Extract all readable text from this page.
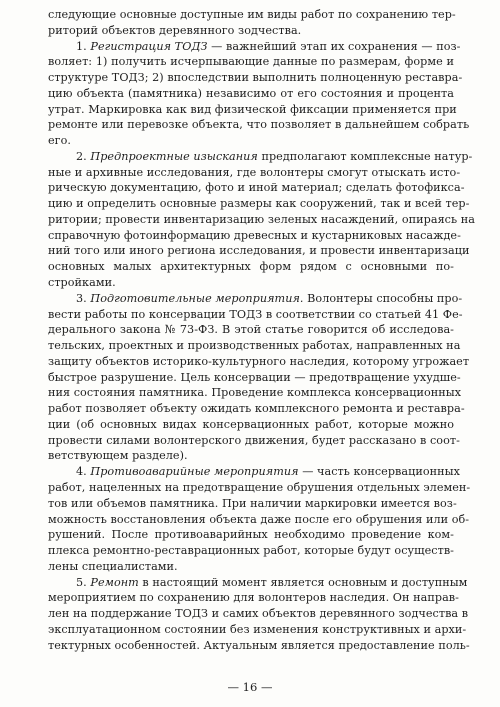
следующие основные доступные им виды работ по сохранению тер-
риторий объектов деревянного зодчества.
1. Регистрация ТОДЗ — важнейший этап их сохранения — поз-
воляет: 1) получить исчерпывающие данные по размерам, форме и
структуре ТОДЗ; 2) впоследствии выполнить полноценную реставра-
цию объекта (памятника) независимо от его состояния и процента
утрат. Маркировка как вид физической фиксации применяется при
ремонте или перевозке объекта, что позволяет в дальнейшем собрать
его.
2. Предпроектные изыскания предполагают комплексные натур-
ные и архивные исследования, где волонтеры смогут отыскать исто-
рическую документацию, фото и иной материал; сделать фотофикса-
цию и определить основные размеры как сооружений, так и всей тер-
ритории; провести инвентаризацию зеленых насаждений, опираясь на
справочную фотоинформацию древесных и кустарниковых насажде-
ний того или иного региона исследования, и провести инвентаризаци
основных малых архитектурных форм рядом с основными по-
стройками.
3. Подготовительные мероприятия. Волонтеры способны про-
вести работы по консервации ТОДЗ в соответствии со статьей 41 Фе-
дерального закона № 73-ФЗ. В этой статье говорится об исследова-
тельских, проектных и производственных работах, направленных на
защиту объектов историко-культурного наследия, которому угрожает
быстрое разрушение. Цель консервации — предотвращение ухудше-
ния состояния памятника. Проведение комплекса консервационных
работ позволяет объекту ожидать комплексного ремонта и реставра-
ции (об основных видах консервационных работ, которые можно
провести силами волонтерского движения, будет рассказано в соот-
ветствующем разделе).
4. Противоаварийные мероприятия — часть консервационных
работ, нацеленных на предотвращение обрушения отдельных элемен-
тов или объемов памятника. При наличии маркировки имеется воз-
можность восстановления объекта даже после его обрушения или об-
рушений. После противоаварийных необходимо проведение ком-
плекса ремонтно-реставрационных работ, которые будут осуществ-
лены специалистами.
5. Ремонт в настоящий момент является основным и доступным
мероприятием по сохранению для волонтеров наследия. Он направ-
лен на поддержание ТОДЗ и самих объектов деревянного зодчества в
эксплуатационном состоянии без изменения конструктивных и архи-
тектурных особенностей. Актуальным является предоставление поль-
— 16 —
